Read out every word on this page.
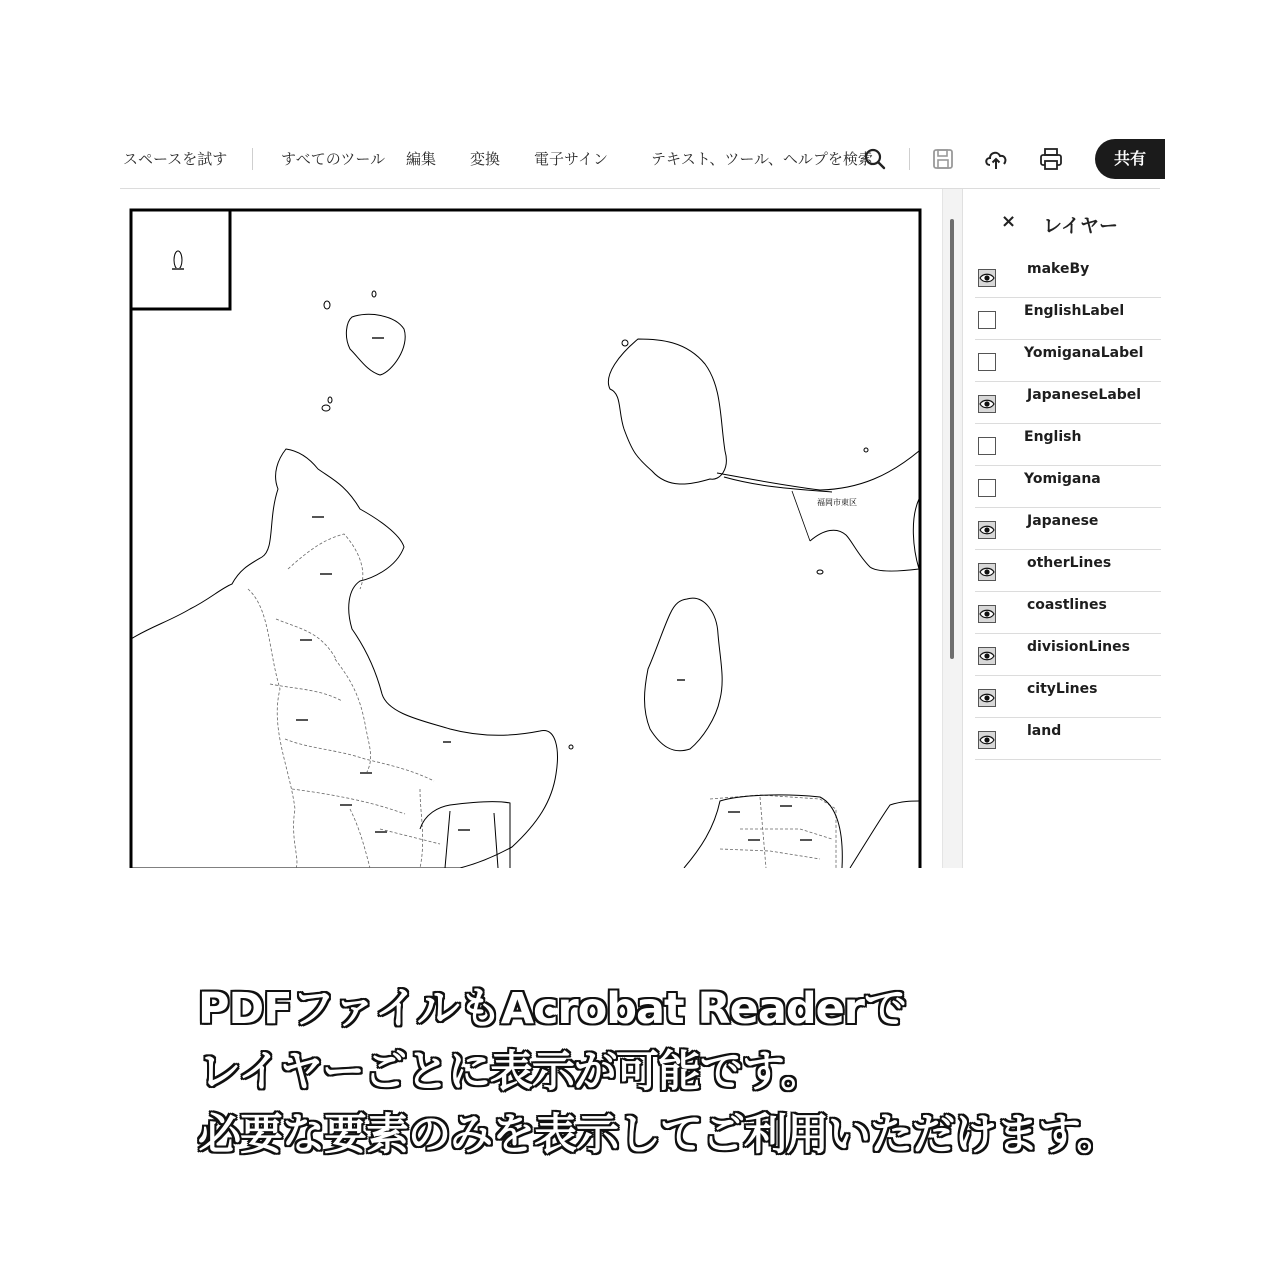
スペースを試す	すべてのツール 編集 変換 電子サイン	テキスト、ツール、ヘルプを検索	共有
福岡市東区
× レイヤー
makeBy
EnglishLabel
YomiganaLabel
JapaneseLabel
English
Yomigana
Japanese
otherLines
coastlines
divisionLines
cityLines
land
PDFファイルもAcrobat Readerで
レイヤーごとに表示が可能です。
必要な要素のみを表示してご利用いただけます。
